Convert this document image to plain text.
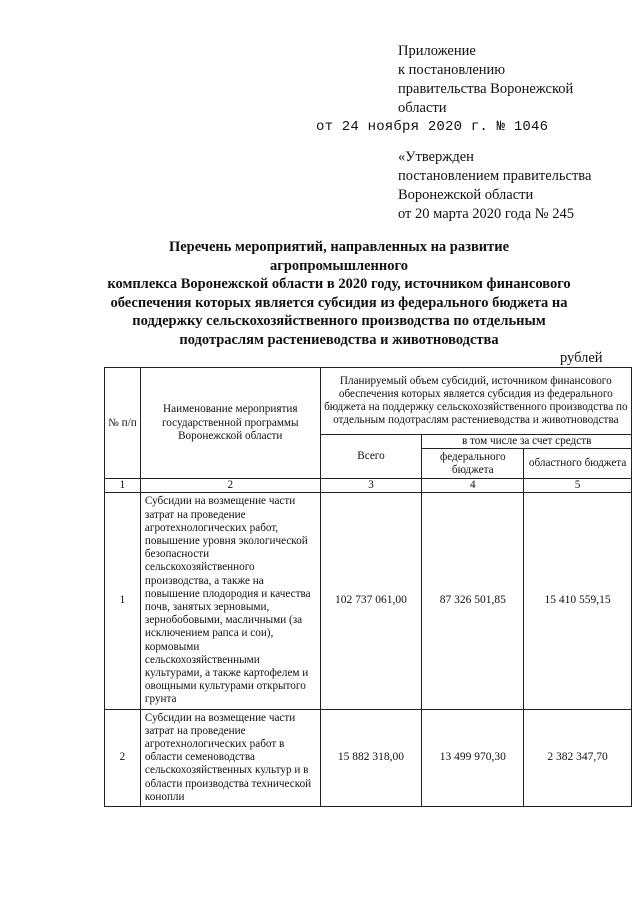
Приложение
к постановлению
правительства Воронежской
области
от 24 ноября 2020 г. № 1046
«Утвержден
постановлением правительства
Воронежской области
от 20 марта 2020 года № 245
Перечень мероприятий, направленных на развитие агропромышленного
комплекса Воронежской области в 2020 году, источником финансового
обеспечения которых является субсидия из федерального бюджета на
поддержку сельскохозяйственного производства по отдельным
подотраслям растениеводства и животноводства
рублей
№ п/п	Наименование мероприятия государственной программы Воронежской области	Планируемый объем субсидий, источником финансового обеспечения которых является субсидия из федерального бюджета на поддержку сельскохозяйственного производства по отдельным подотраслям растениеводства и животноводства		
		Всего	в том числе за счет средств	
			федерального бюджета	областного бюджета
1	2	3	4	5
1	Субсидии на возмещение части затрат на проведение агротехнологических работ, повышение уровня экологической безопасности сельскохозяйственного производства, а также на повышение плодородия и качества почв, занятых зерновыми, зернобобовыми, масличными (за исключением рапса и сои), кормовыми сельскохозяйственными культурами, а также картофелем и овощными культурами открытого грунта	102 737 061,00	87 326 501,85	15 410 559,15
2	Субсидии на возмещение части затрат на проведение агротехнологических работ в области семеноводства сельскохозяйственных культур и в области производства технической конопли	15 882 318,00	13 499 970,30	2 382 347,70
